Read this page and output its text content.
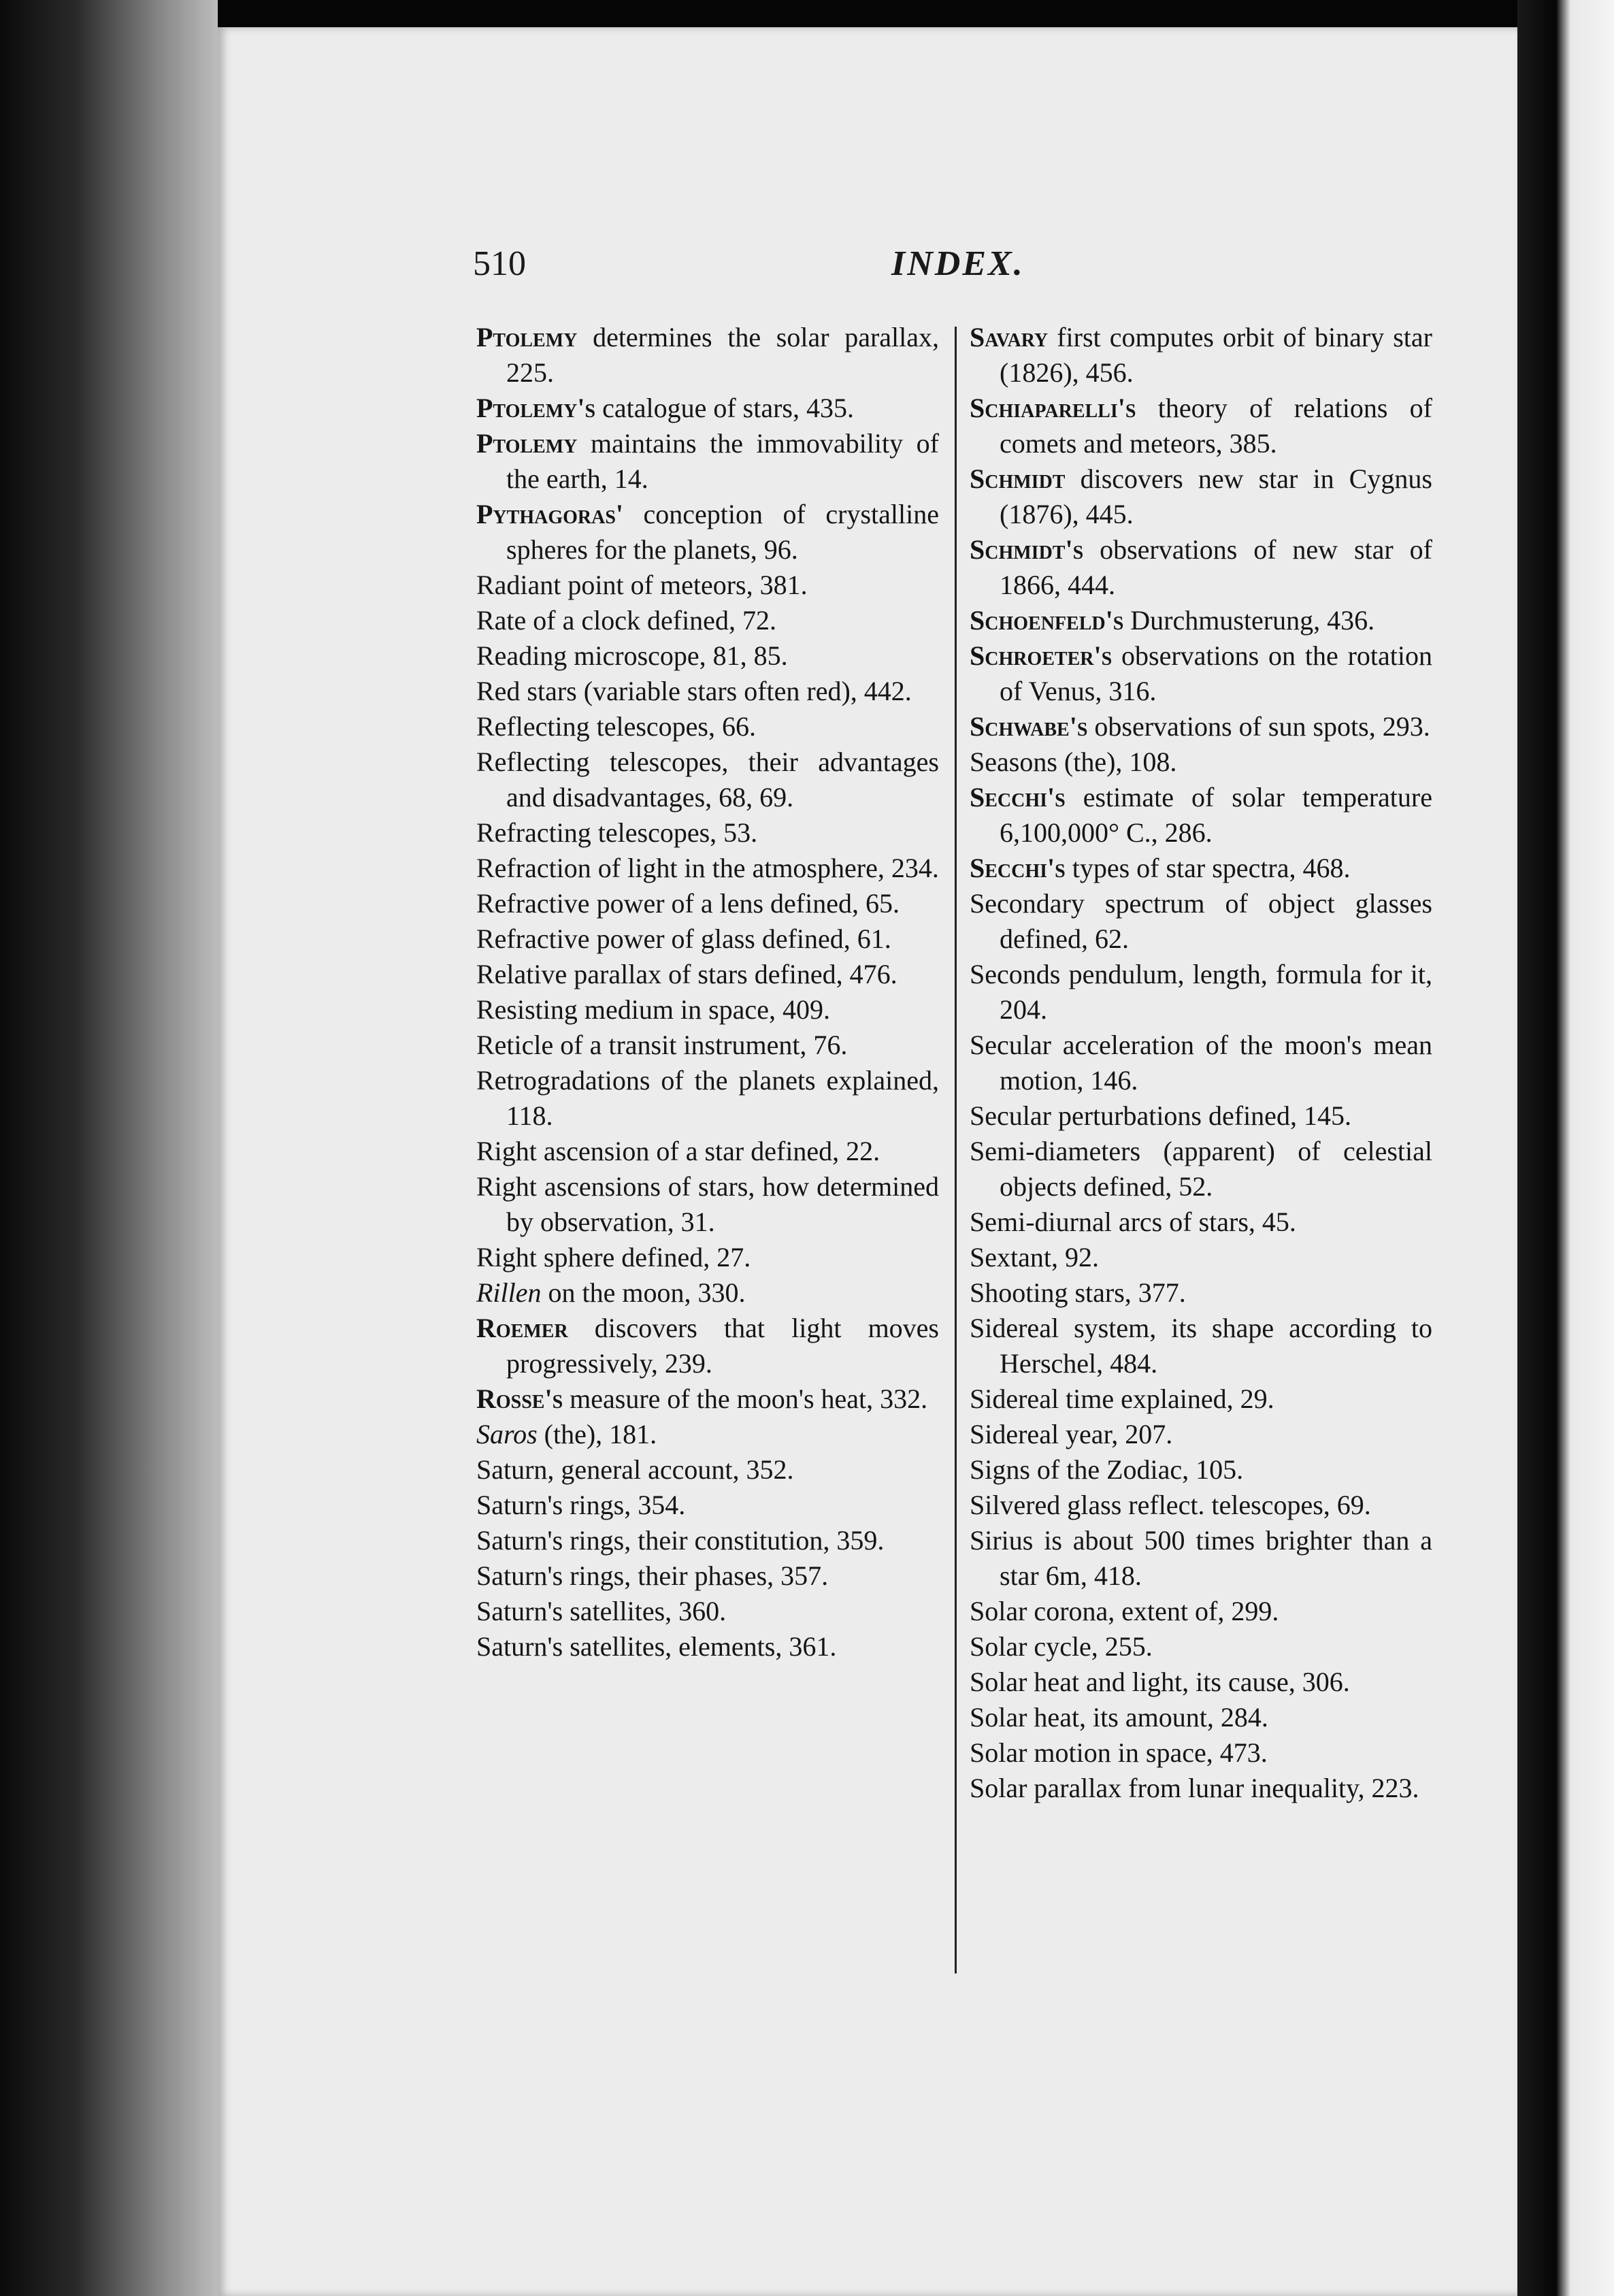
510	INDEX.
Ptolemy determines the solar parallax, 225.
Ptolemy's catalogue of stars, 435.
Ptolemy maintains the immovability of the earth, 14.
Pythagoras' conception of crystalline spheres for the planets, 96.
Radiant point of meteors, 381.
Rate of a clock defined, 72.
Reading microscope, 81, 85.
Red stars (variable stars often red), 442.
Reflecting telescopes, 66.
Reflecting telescopes, their advantages and disadvantages, 68, 69.
Refracting telescopes, 53.
Refraction of light in the atmosphere, 234.
Refractive power of a lens defined, 65.
Refractive power of glass defined, 61.
Relative parallax of stars defined, 476.
Resisting medium in space, 409.
Reticle of a transit instrument, 76.
Retrogradations of the planets explained, 118.
Right ascension of a star defined, 22.
Right ascensions of stars, how determined by observation, 31.
Right sphere defined, 27.
Rillen on the moon, 330.
Roemer discovers that light moves progressively, 239.
Rosse's measure of the moon's heat, 332.
Saros (the), 181.
Saturn, general account, 352.
Saturn's rings, 354.
Saturn's rings, their constitution, 359.
Saturn's rings, their phases, 357.
Saturn's satellites, 360.
Saturn's satellites, elements, 361.
Savary first computes orbit of binary star (1826), 456.
Schiaparelli's theory of relations of comets and meteors, 385.
Schmidt discovers new star in Cygnus (1876), 445.
Schmidt's observations of new star of 1866, 444.
Schoenfeld's Durchmusterung, 436.
Schroeter's observations on the rotation of Venus, 316.
Schwabe's observations of sun spots, 293.
Seasons (the), 108.
Secchi's estimate of solar temperature 6,100,000° C., 286.
Secchi's types of star spectra, 468.
Secondary spectrum of object glasses defined, 62.
Seconds pendulum, length, formula for it, 204.
Secular acceleration of the moon's mean motion, 146.
Secular perturbations defined, 145.
Semi-diameters (apparent) of celestial objects defined, 52.
Semi-diurnal arcs of stars, 45.
Sextant, 92.
Shooting stars, 377.
Sidereal system, its shape according to Herschel, 484.
Sidereal time explained, 29.
Sidereal year, 207.
Signs of the Zodiac, 105.
Silvered glass reflect. telescopes, 69.
Sirius is about 500 times brighter than a star 6m, 418.
Solar corona, extent of, 299.
Solar cycle, 255.
Solar heat and light, its cause, 306.
Solar heat, its amount, 284.
Solar motion in space, 473.
Solar parallax from lunar inequality, 223.
